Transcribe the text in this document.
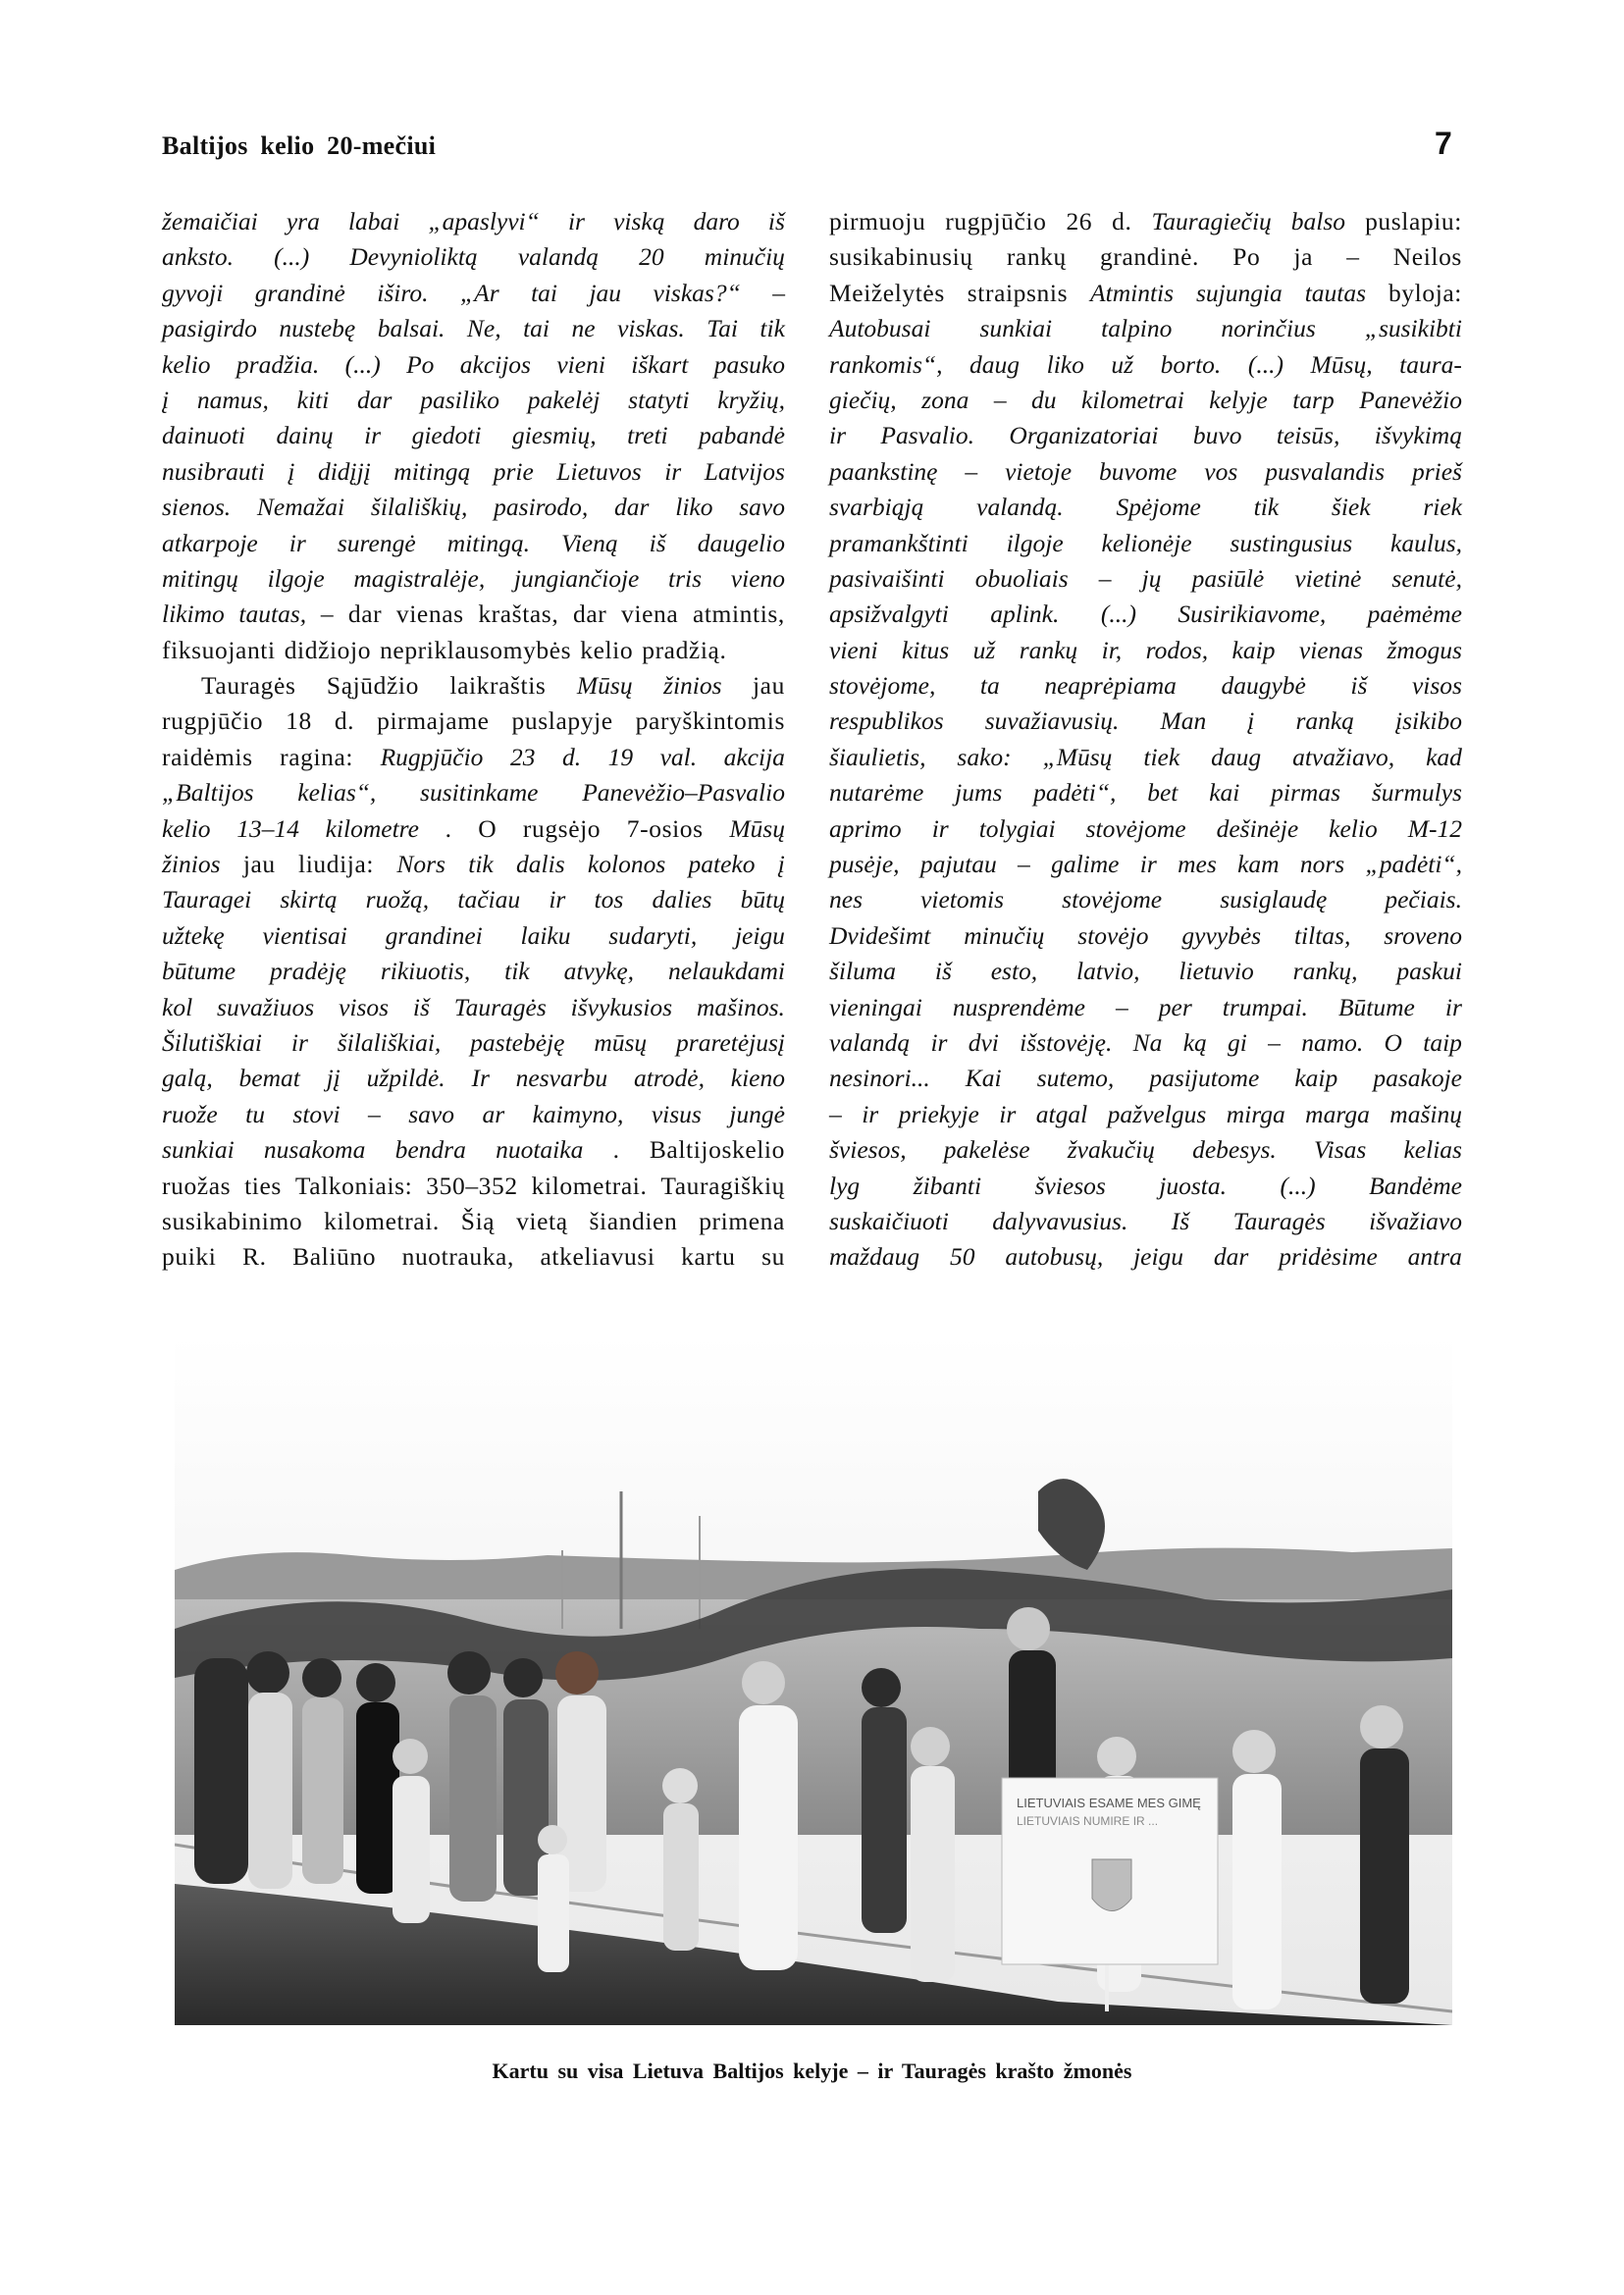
Baltijos kelio 20-mečiui	7
žemaičiai yra labai „apaslyvi“ ir viską daro iš
anksto. (...) Devynioliktą valandą 20 minučių
gyvoji grandinė iširo. „Ar tai jau viskas?“ –
pasigirdo nustebę balsai. Ne, tai ne viskas. Tai tik
kelio pradžia. (...) Po akcijos vieni iškart pasuko
į namus, kiti dar pasiliko pakelėj statyti kryžių,
dainuoti dainų ir giedoti giesmių, treti pabandė
nusibrauti į didįjį mitingą prie Lietuvos ir Latvijos
sienos. Nemažai šilališkių, pasirodo, dar liko savo
atkarpoje ir surengė mitingą. Vieną iš daugelio
mitingų ilgoje magistralėje, jungiančioje tris vieno
likimo tautas, – dar vienas kraštas, dar viena atmintis,
fiksuojanti didžiojo nepriklausomybės kelio pradžią.
Tauragės Sąjūdžio laikraštis Mūsų žinios jau
rugpjūčio 18 d. pirmajame puslapyje paryškintomis
raidėmis ragina: Rugpjūčio 23 d. 19 val. akcija
„Baltijos kelias“, susitinkame Panevėžio–Pasvalio
kelio 13–14 kilometre . O rugsėjo 7-osios Mūsų
žinios jau liudija: Nors tik dalis kolonos pateko į
Tauragei skirtą ruožą, tačiau ir tos dalies būtų
užtekę vientisai grandinei laiku sudaryti, jeigu
būtume pradėję rikiuotis, tik atvykę, nelaukdami
kol suvažiuos visos iš Tauragės išvykusios mašinos.
Šilutiškiai ir šilališkiai, pastebėję mūsų praretėjusį
galą, bemat jį užpildė. Ir nesvarbu atrodė, kieno
ruože tu stovi – savo ar kaimyno, visus jungė
sunkiai nusakoma bendra nuotaika . Baltijoskelio
ruožas ties Talkoniais: 350–352 kilometrai. Tauragiškių
susikabinimo kilometrai. Šią vietą šiandien primena
puiki R. Baliūno nuotrauka, atkeliavusi kartu su
pirmuoju rugpjūčio 26 d. Tauragiečių balso puslapiu:
susikabinusių rankų grandinė. Po ja – Neilos
Meiželytės straipsnis Atmintis sujungia tautas byloja:
Autobusai sunkiai talpino norinčius „susikibti
rankomis“, daug liko už borto. (...) Mūsų, taura-
giečių, zona – du kilometrai kelyje tarp Panevėžio
ir Pasvalio. Organizatoriai buvo teisūs, išvykimą
paankstinę – vietoje buvome vos pusvalandis prieš
svarbiąją valandą. Spėjome tik šiek riek
pramankštinti ilgoje kelionėje sustingusius kaulus,
pasivaišinti obuoliais – jų pasiūlė vietinė senutė,
apsižvalgyti aplink. (...) Susirikiavome, paėmėme
vieni kitus už rankų ir, rodos, kaip vienas žmogus
stovėjome, ta neaprėpiama daugybė iš visos
respublikos suvažiavusių. Man į ranką įsikibo
šiaulietis, sako: „Mūsų tiek daug atvažiavo, kad
nutarėme jums padėti“, bet kai pirmas šurmulys
aprimo ir tolygiai stovėjome dešinėje kelio M-12
pusėje, pajutau – galime ir mes kam nors „padėti“,
nes vietomis stovėjome susiglaudę pečiais.
Dvidešimt minučių stovėjo gyvybės tiltas, sroveno
šiluma iš esto, latvio, lietuvio rankų, paskui
vieningai nusprendėme – per trumpai. Būtume ir
valandą ir dvi išstovėję. Na ką gi – namo. O taip
nesinori... Kai sutemo, pasijutome kaip pasakoje
– ir priekyje ir atgal pažvelgus mirga marga mašinų
šviesos, pakelėse žvakučių debesys. Visas kelias
lyg žibanti šviesos juosta. (...) Bandėme
suskaičiuoti dalyvavusius. Iš Tauragės išvažiavo
maždaug 50 autobusų, jeigu dar pridėsime antra
LIETUVIAIS ESAME MES GIMĘ
LIETUVIAIS NUMIRE IR ...
Kartu su visa Lietuva Baltijos kelyje – ir Tauragės krašto žmonės
